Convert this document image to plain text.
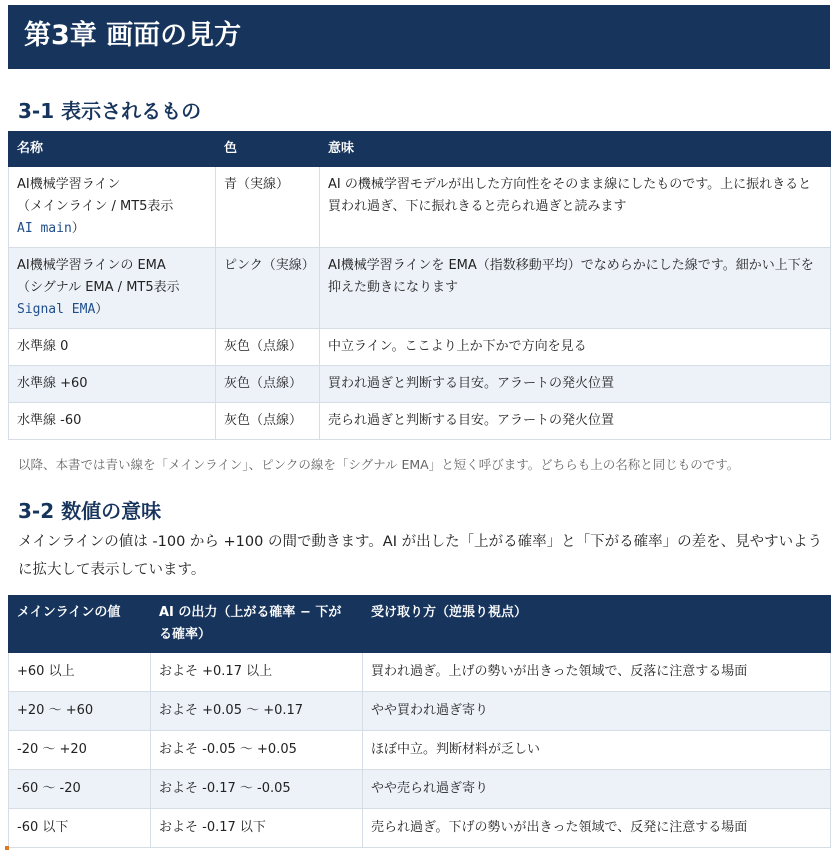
第3章 画面の見方
3-1 表示されるもの
名称	色	意味

AI機械学習ライン
（メインライン / MT5表示
AI main）	青（実線）	AI の機械学習モデルが出した方向性をそのまま線にしたものです。上に振れきると買われ過ぎ、下に振れきると売られ過ぎと読みます

AI機械学習ラインの EMA
（シグナル EMA / MT5表示
Signal EMA）	ピンク（実線）	AI機械学習ラインを EMA（指数移動平均）でなめらかにした線です。細かい上下を抑えた動きになります
水準線 0	灰色（点線）	中立ライン。ここより上か下かで方向を見る
水準線 +60	灰色（点線）	買われ過ぎと判断する目安。アラートの発火位置
水準線 -60	灰色（点線）	売られ過ぎと判断する目安。アラートの発火位置
以降、本書では青い線を「メインライン」、ピンクの線を「シグナル EMA」と短く呼びます。どちらも上の名称と同じものです。
3-2 数値の意味
メインラインの値は -100 から +100 の間で動きます。AI が出した「上がる確率」と「下がる確率」の差を、見やすいように拡大して表示しています。
メインラインの値	AI の出力（上がる確率 − 下がる確率）	受け取り方（逆張り視点）
+60 以上	およそ +0.17 以上	買われ過ぎ。上げの勢いが出きった領域で、反落に注意する場面
+20 〜 +60	およそ +0.05 〜 +0.17	やや買われ過ぎ寄り
-20 〜 +20	およそ -0.05 〜 +0.05	ほぼ中立。判断材料が乏しい
-60 〜 -20	およそ -0.17 〜 -0.05	やや売られ過ぎ寄り
-60 以下	およそ -0.17 以下	売られ過ぎ。下げの勢いが出きった領域で、反発に注意する場面
